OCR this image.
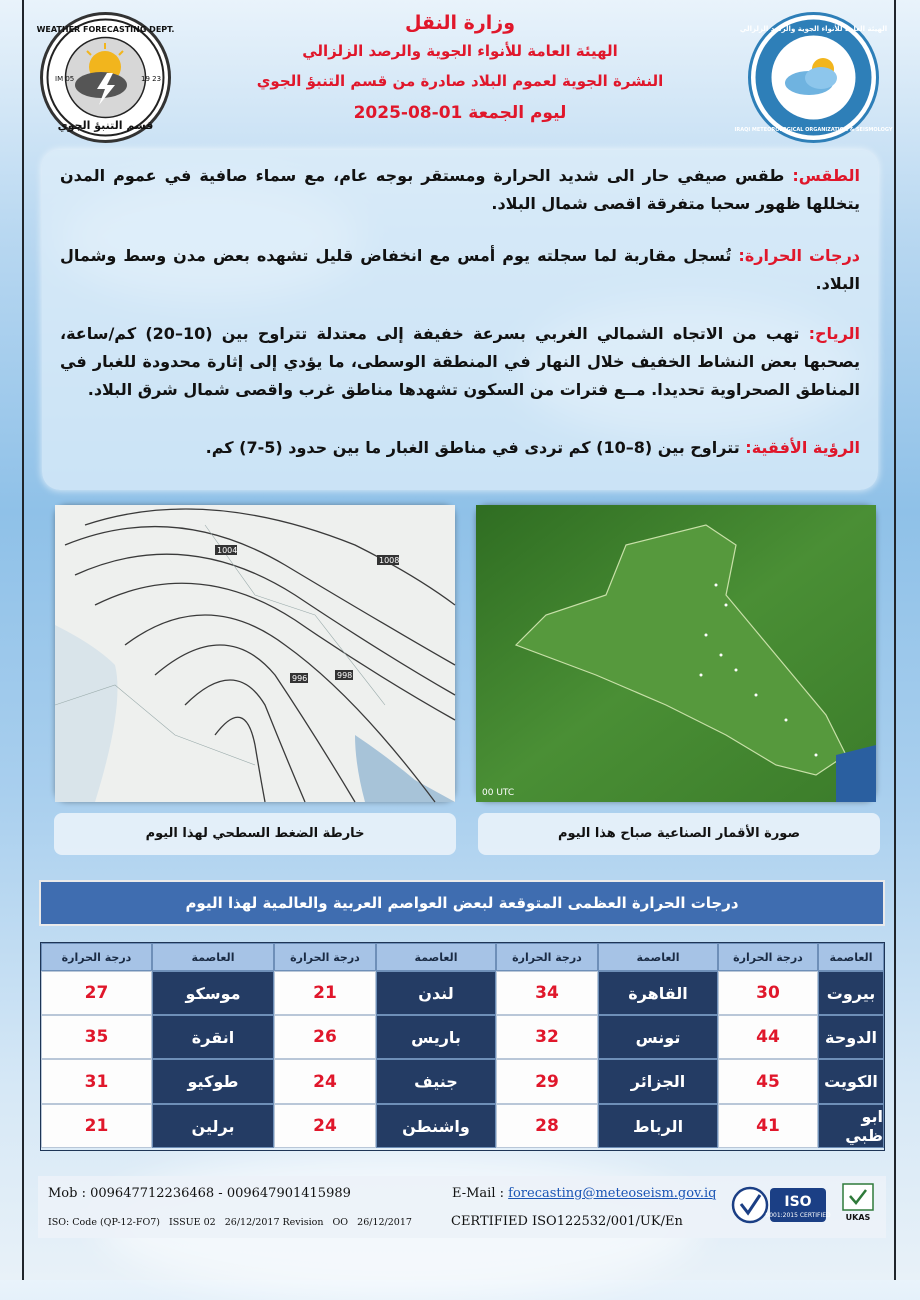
WEATHER FORECASTING DEPT.
قسم التنبؤ الجوي
IM 05	19 23
وزارة النقل
الهيئة العامة للأنواء الجوية والرصد الزلزالي
النشرة الجوية لعموم البلاد صادرة من قسم التنبؤ الجوي
ليوم الجمعة 01-08-2025
الهيئة العامة للأنواء الجوية والرصد الزلزالي
IRAQI METEOROLOGICAL ORGANIZATION & SEISMOLOGY
الطقس: طقس صيفي حار الى شديد الحرارة ومستقر بوجه عام، مع سماء صافية في عموم المدن يتخللها ظهور سحبا متفرقة اقصى شمال البلاد.
درجات الحرارة: تُسجل مقاربة لما سجلته يوم أمس مع انخفاض قليل تشهده بعض مدن وسط وشمال البلاد.
الرياح: تهب من الاتجاه الشمالي الغربي بسرعة خفيفة إلى معتدلة تتراوح بين (10–20) كم/ساعة، يصحبها بعض النشاط الخفيف خلال النهار في المنطقة الوسطى، ما يؤدي إلى إثارة محدودة للغبار في المناطق الصحراوية تحديدا. مــع فترات من السكون تشهدها مناطق غرب واقصى شمال شرق البلاد.
الرؤية الأفقية: تتراوح بين (8–10) كم تردى في مناطق الغبار ما بين حدود (5-7) كم.
1004
1008
996	998
00 UTC
خارطة الضغط السطحي لهذا اليوم	صورة الأقمار الصناعية صباح هذا اليوم
درجات الحرارة العظمى المتوقعة لبعض العواصم العربية والعالمية لهذا اليوم
درجة الحرارة	العاصمة	درجة الحرارة	العاصمة	درجة الحرارة	العاصمة	درجة الحرارة	العاصمة
27	موسكو	21	لندن	34	القاهرة	30	بيروت
35	انقرة	26	باريس	32	تونس	44	الدوحة
31	طوكيو	24	جنيف	29	الجزائر	45	الكويت
21	برلين	24	واشنطن	28	الرباط	41	ابو ظبي
Mob : 009647712236468 - 009647901415989	E-Mail : forecasting@meteoseism.gov.iq
ISO: Code (QP-12-FO7)   ISSUE 02   26/12/2017 Revision   OO   26/12/2017	CERTIFIED ISO122532/001/UK/En
ISO
9001:2015 CERTIFIED UKAS
